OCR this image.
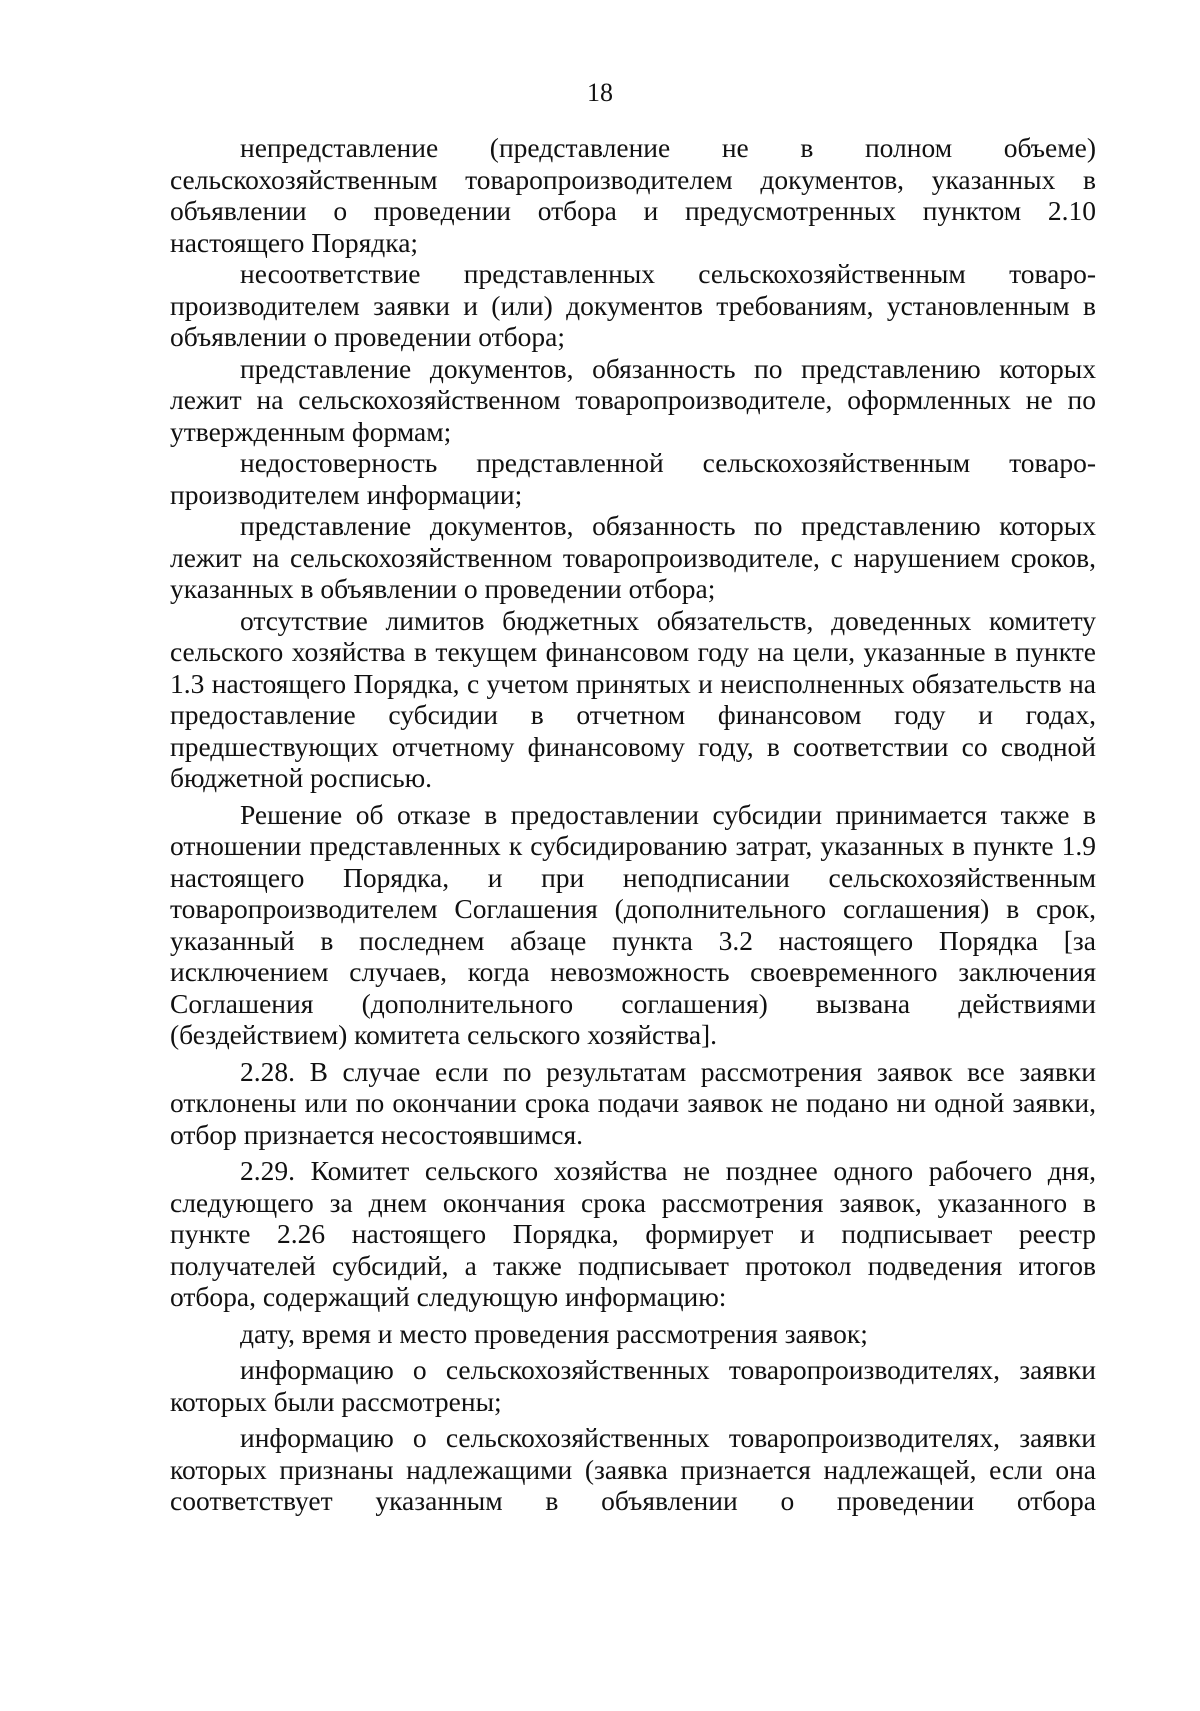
18

непредставление (представление не в полном объеме) сельскохозяйственным товаропроизводителем документов, указанных в объявлении о проведении отбора и предусмотренных пунктом 2.10 настоящего Порядка;

несоответствие представленных сельскохозяйственным товаропроизводителем заявки и (или) документов требованиям, установленным в объявлении о проведении отбора;

представление документов, обязанность по представлению которых лежит на сельскохозяйственном товаропроизводителе, оформленных не по утвержденным формам;

недостоверность представленной сельскохозяйственным товаропроизводителем информации;

представление документов, обязанность по представлению которых лежит на сельскохозяйственном товаропроизводителе, с нарушением сроков, указанных в объявлении о проведении отбора;

отсутствие лимитов бюджетных обязательств, доведенных комитету сельского хозяйства в текущем финансовом году на цели, указанные в пункте 1.3 настоящего Порядка, с учетом принятых и неисполненных обязательств на предоставление субсидии в отчетном финансовом году и годах, предшествующих отчетному финансовому году, в соответствии со сводной бюджетной росписью.

Решение об отказе в предоставлении субсидии принимается также в отношении представленных к субсидированию затрат, указанных в пункте 1.9 настоящего Порядка, и при неподписании сельскохозяйственным товаропроизводителем Соглашения (дополнительного соглашения) в срок, указанный в последнем абзаце пункта 3.2 настоящего Порядка [за исключением случаев, когда невозможность своевременного заключения Соглашения (дополнительного соглашения) вызвана действиями (бездействием) комитета сельского хозяйства].

2.28. В случае если по результатам рассмотрения заявок все заявки отклонены или по окончании срока подачи заявок не подано ни одной заявки, отбор признается несостоявшимся.

2.29. Комитет сельского хозяйства не позднее одного рабочего дня, следующего за днем окончания срока рассмотрения заявок, указанного в пункте 2.26 настоящего Порядка, формирует и подписывает реестр получателей субсидий, а также подписывает протокол подведения итогов отбора, содержащий следующую информацию:

дату, время и место проведения рассмотрения заявок;

информацию о сельскохозяйственных товаропроизводителях, заявки которых были рассмотрены;

информацию о сельскохозяйственных товаропроизводителях, заявки которых признаны надлежащими (заявка признается надлежащей, если она соответствует указанным в объявлении о проведении отбора
